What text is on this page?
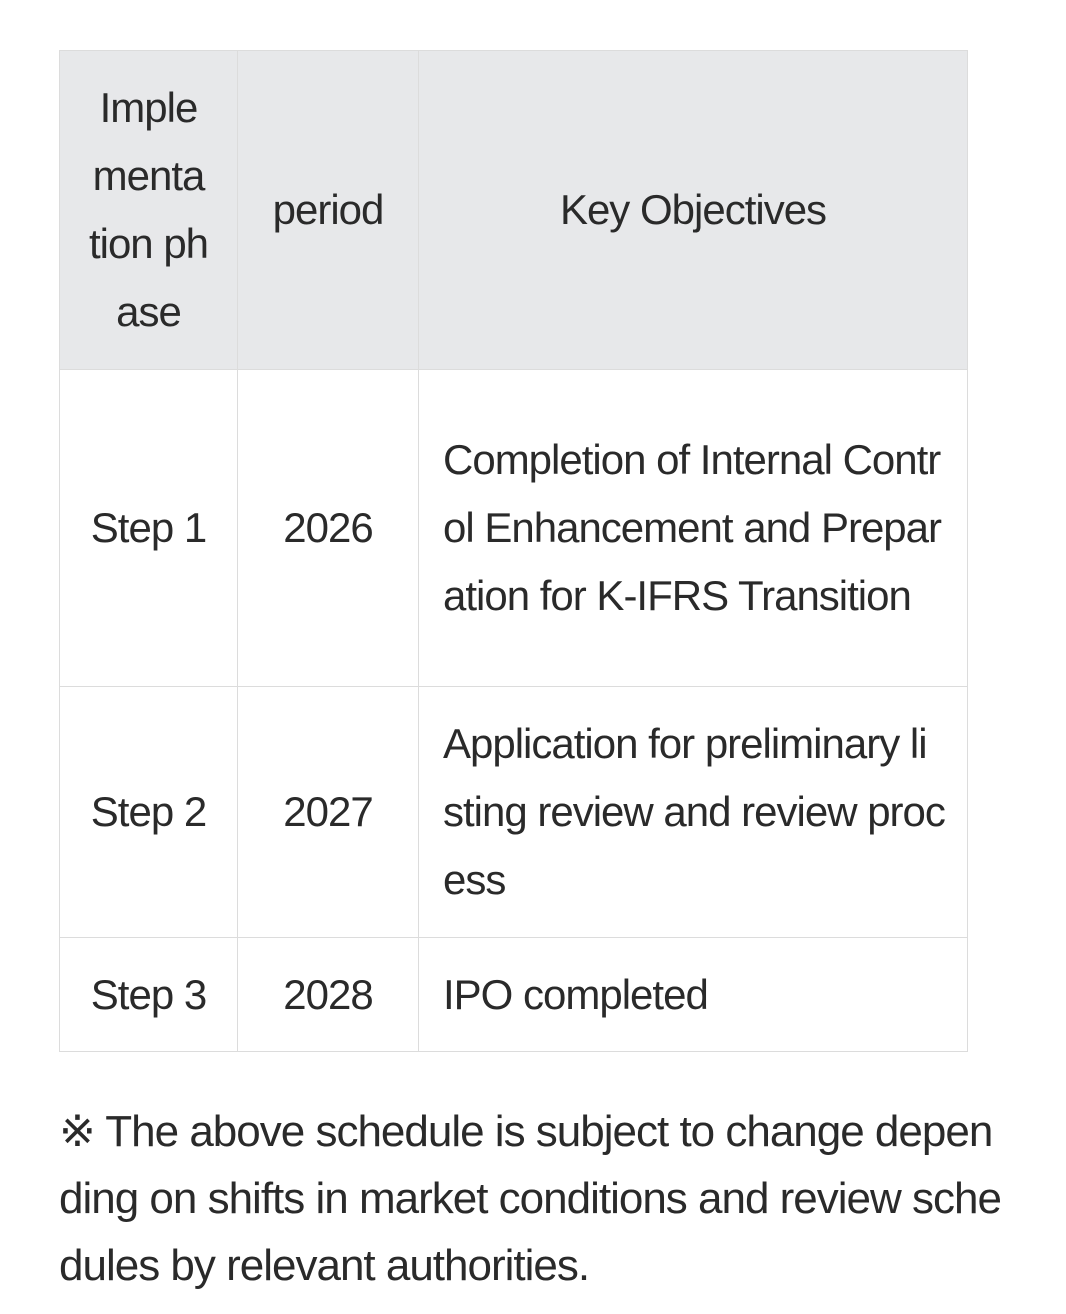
Implementation phase	period	Key Objectives
Step 1	2026	Completion of Internal Control Enhancement and Preparation for K-IFRS Transition
Step 2	2027	Application for preliminary listing review and review process
Step 3	2028	IPO completed

※ The above schedule is subject to change depending on shifts in market conditions and review schedules by relevant authorities.
